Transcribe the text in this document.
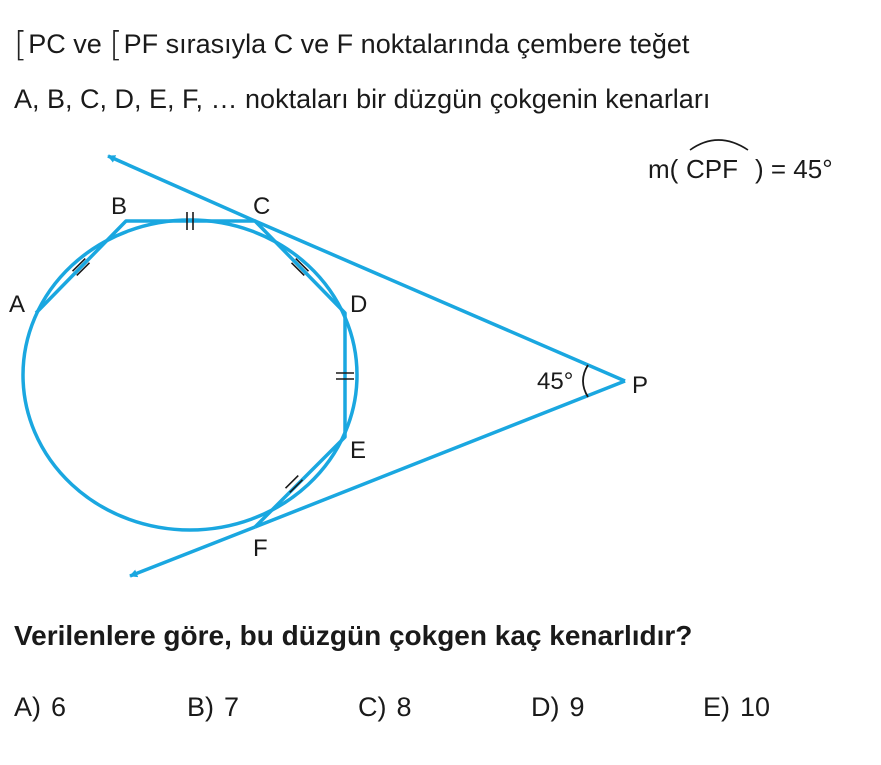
[PC ve [PF sırasıyla C ve F noktalarında çembere teğet
A, B, C, D, E, F, … noktaları bir düzgün çokgenin kenarları
A
B	C
D
E
F
P
45°
m( CPF ) = 45°
Verilenlere göre, bu düzgün çokgen kaç kenarlıdır?
A) 6	B) 7	C) 8	D) 9	E) 10
